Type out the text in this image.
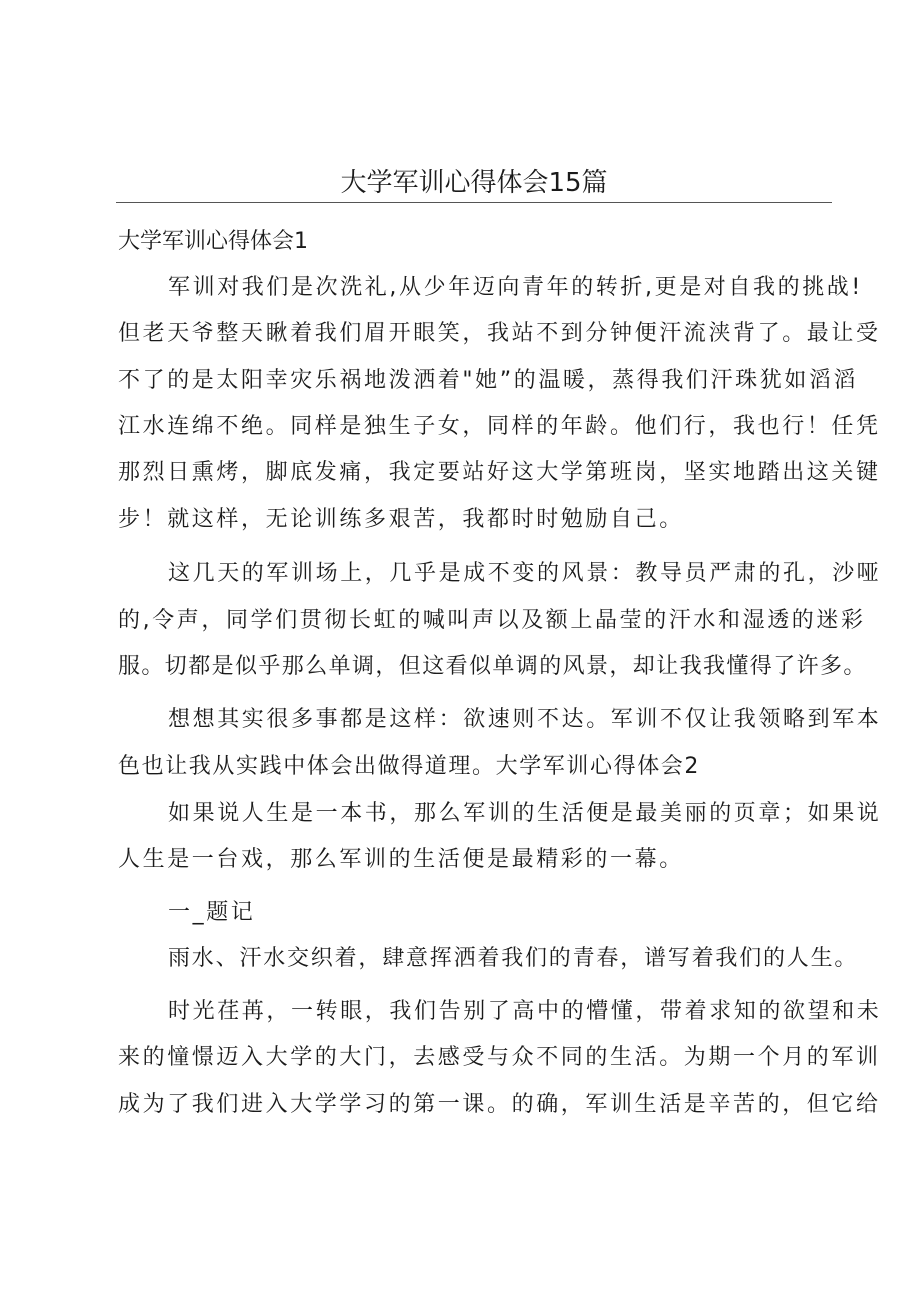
大学军训心得体会15篇
大学军训心得体会1
军训对我们是次洗礼,从少年迈向青年的转折,更是对自我的挑战!
但老天爷整天瞅着我们眉开眼笑，我站不到分钟便汗流浃背了。最让受
不了的是太阳幸灾乐祸地泼洒着"她”的温暖，蒸得我们汗珠犹如滔滔
江水连绵不绝。同样是独生子女，同样的年龄。他们行，我也行！任凭
那烈日熏烤，脚底发痛，我定要站好这大学第班岗，坚实地踏出这关键
步！就这样，无论训练多艰苦，我都时时勉励自己。
这几天的军训场上，几乎是成不变的风景：教导员严肃的孔，沙哑
的,令声，同学们贯彻长虹的喊叫声以及额上晶莹的汗水和湿透的迷彩
服。切都是似乎那么单调，但这看似单调的风景，却让我我懂得了许多。
想想其实很多事都是这样：欲速则不达。军训不仅让我领略到军本
色也让我从实践中体会出做得道理。大学军训心得体会2
如果说人生是一本书，那么军训的生活便是最美丽的页章；如果说
人生是一台戏，那么军训的生活便是最精彩的一幕。
一_题记
雨水、汗水交织着，肆意挥洒着我们的青春，谱写着我们的人生。
时光荏苒，一转眼，我们告别了高中的懵懂，带着求知的欲望和未
来的憧憬迈入大学的大门，去感受与众不同的生活。为期一个月的军训
成为了我们进入大学学习的第一课。的确，军训生活是辛苦的，但它给
